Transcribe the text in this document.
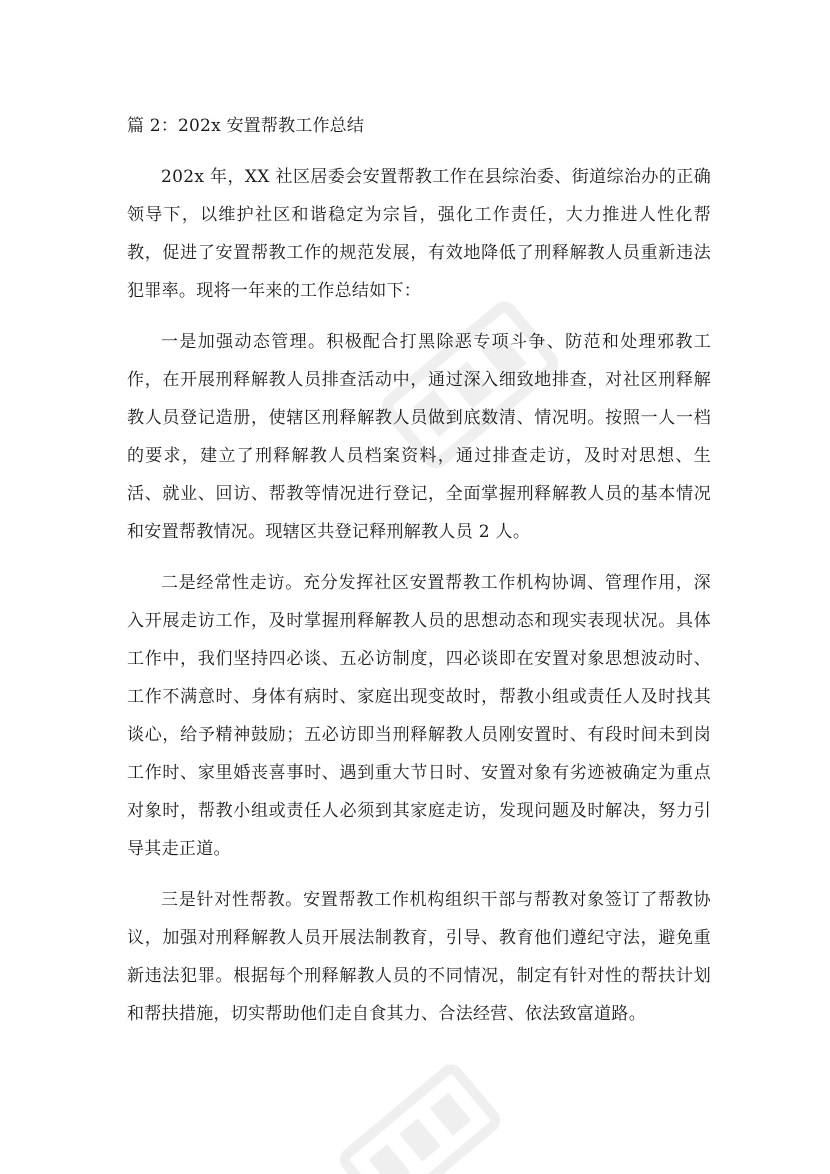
篇 2：202x 安置帮教工作总结

202x 年，XX 社区居委会安置帮教工作在县综治委、街道综治办的正确领导下，以维护社区和谐稳定为宗旨，强化工作责任，大力推进人性化帮教，促进了安置帮教工作的规范发展，有效地降低了刑释解教人员重新违法犯罪率。现将一年来的工作总结如下：

一是加强动态管理。积极配合打黑除恶专项斗争、防范和处理邪教工作，在开展刑释解教人员排查活动中，通过深入细致地排查，对社区刑释解教人员登记造册，使辖区刑释解教人员做到底数清、情况明。按照一人一档的要求，建立了刑释解教人员档案资料，通过排查走访，及时对思想、生活、就业、回访、帮教等情况进行登记，全面掌握刑释解教人员的基本情况和安置帮教情况。现辖区共登记释刑解教人员 2 人。

二是经常性走访。充分发挥社区安置帮教工作机构协调、管理作用，深入开展走访工作，及时掌握刑释解教人员的思想动态和现实表现状况。具体工作中，我们坚持四必谈、五必访制度，四必谈即在安置对象思想波动时、工作不满意时、身体有病时、家庭出现变故时，帮教小组或责任人及时找其谈心，给予精神鼓励；五必访即当刑释解教人员刚安置时、有段时间未到岗工作时、家里婚丧喜事时、遇到重大节日时、安置对象有劣迹被确定为重点对象时，帮教小组或责任人必须到其家庭走访，发现问题及时解决，努力引导其走正道。

三是针对性帮教。安置帮教工作机构组织干部与帮教对象签订了帮教协议，加强对刑释解教人员开展法制教育，引导、教育他们遵纪守法，避免重新违法犯罪。根据每个刑释解教人员的不同情况，制定有针对性的帮扶计划和帮扶措施，切实帮助他们走自食其力、合法经营、依法致富道路。
